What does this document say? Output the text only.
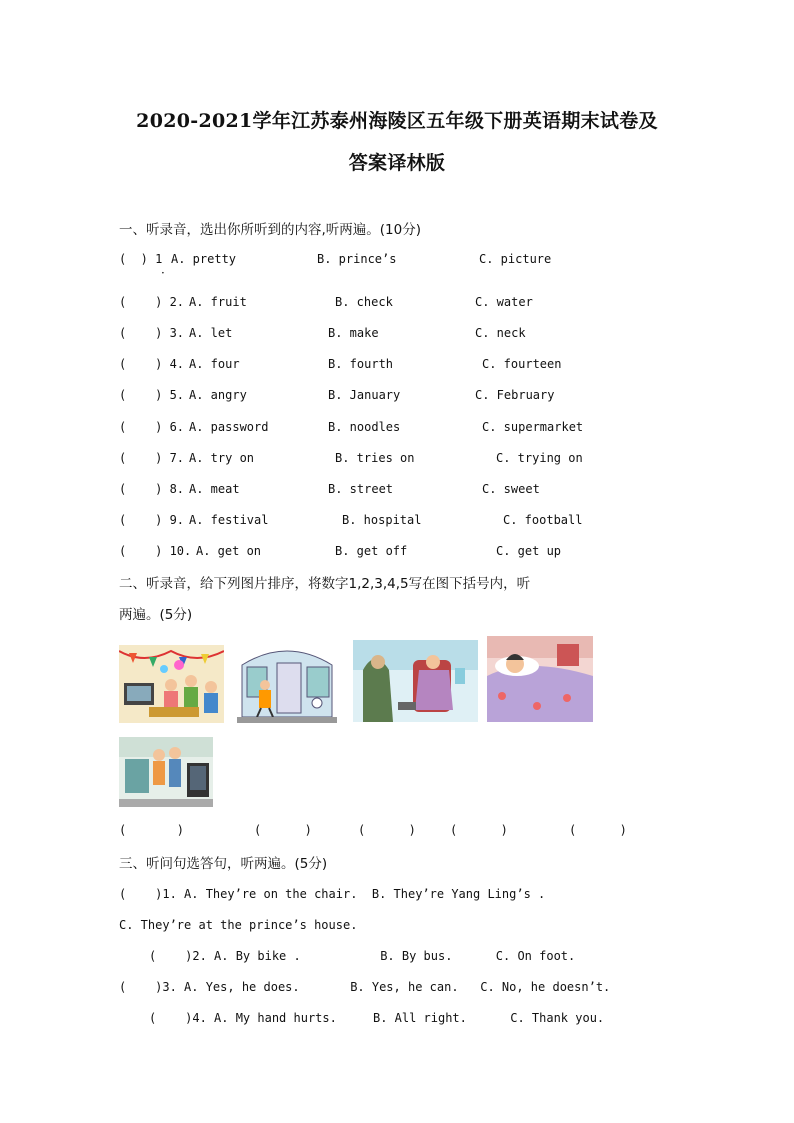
2020-2021学年江苏泰州海陵区五年级下册英语期末试卷及
答案译林版
一、听录音，选出你所听到的内容,听两遍。(10分)
(  ) 1 A. pretty	B. prince’s	C. picture
(    ) 2. A. fruit	B. check	C. water
(    ) 3. A. let	B. make	C. neck
(    ) 4. A. four	B. fourth	C. fourteen
(    ) 5. A. angry	B. January	C. February
(    ) 6. A. password	B. noodles	C. supermarket
(    ) 7. A. try on	B. tries on	C. trying on
(    ) 8. A. meat	B. street	C. sweet
(    ) 9. A. festival	B. hospital	C. football
(    ) 10. A. get on	B. get off	C. get up
·
二、听录音，给下列图片排序，将数字1,2,3,4,5写在图下括号内，听
两遍。(5分)
(       )	(      )	(      )	(      )	(      )
三、听问句选答句，听两遍。(5分)
(    )1. A. They’re on the chair.  B. They’re Yang Ling’s .
C. They’re at the prince’s house.
(    )2. A. By bike .           B. By bus.      C. On foot.
(    )3. A. Yes, he does.       B. Yes, he can.   C. No, he doesn’t.
(    )4. A. My hand hurts.     B. All right.      C. Thank you.
